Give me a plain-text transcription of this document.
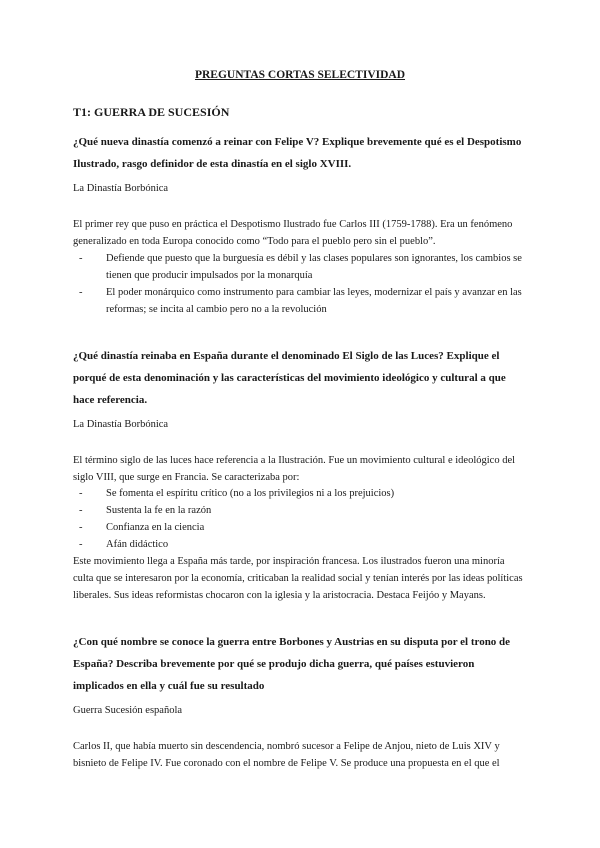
PREGUNTAS CORTAS SELECTIVIDAD
T1: GUERRA DE SUCESIÓN

¿Qué nueva dinastía comenzó a reinar con Felipe V? Explique brevemente qué es el Despotismo Ilustrado, rasgo definidor de esta dinastía en el siglo XVIII.

La Dinastía Borbónica

El primer rey que puso en práctica el Despotismo Ilustrado fue Carlos III (1759-1788). Era un fenómeno generalizado en toda Europa conocido como “Todo para el pueblo pero sin el pueblo”.

- Defiende que puesto que la burguesía es débil y las clases populares son ignorantes, los cambios se tienen que producir impulsados por la monarquía
- El poder monárquico como instrumento para cambiar las leyes, modernizar el país y avanzar en las reformas; se incita al cambio pero no a la revolución

¿Qué dinastía reinaba en España durante el denominado El Siglo de las Luces? Explique el porqué de esta denominación y las características del movimiento ideológico y cultural a que hace referencia.

La Dinastía Borbónica

El término siglo de las luces hace referencia a la Ilustración. Fue un movimiento cultural e ideológico del siglo VIII, que surge en Francia. Se caracterizaba por:

- Se fomenta el espíritu crítico (no a los privilegios ni a los prejuicios)
- Sustenta la fe en la razón
- Confianza en la ciencia
- Afán didáctico

Este movimiento llega a España más tarde, por inspiración francesa. Los ilustrados fueron una minoría culta que se interesaron por la economía, criticaban la realidad social y tenían interés por las ideas políticas liberales. Sus ideas reformistas chocaron con la iglesia y la aristocracia. Destaca Feijóo y Mayans.

¿Con qué nombre se conoce la guerra entre Borbones y Austrias en su disputa por el trono de España? Describa brevemente por qué se produjo dicha guerra, qué países estuvieron implicados en ella y cuál fue su resultado

Guerra Sucesión española

Carlos II, que había muerto sin descendencia, nombró sucesor a Felipe de Anjou, nieto de Luis XIV y bisnieto de Felipe IV. Fue coronado con el nombre de Felipe V. Se produce una propuesta en el que el
